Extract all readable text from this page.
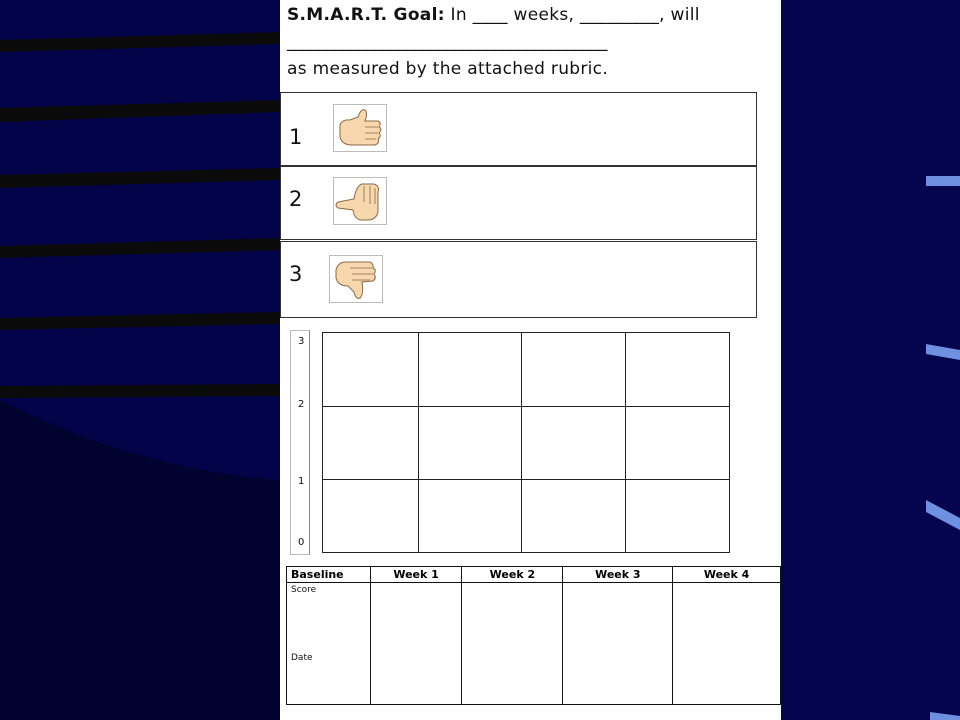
S.M.A.R.T. Goal: In ____ weeks, _________, will
________________________________________
as measured by the attached rubric.
1
2
3
3
2
1
0
Baseline	Week 1	Week 2	Week 3	Week 4

Score
Date				
